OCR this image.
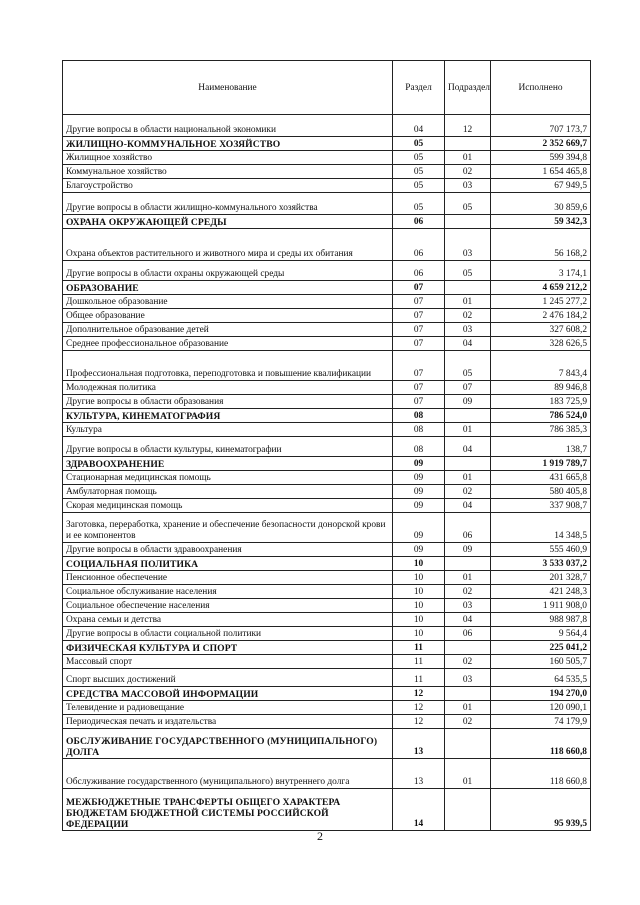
Наименование	Раздел	Подраздел	Исполнено
Другие вопросы в области национальной экономики	04	12	707 173,7
ЖИЛИЩНО-КОММУНАЛЬНОЕ ХОЗЯЙСТВО	05		2 352 669,7
Жилищное хозяйство	05	01	599 394,8
Коммунальное хозяйство	05	02	1 654 465,8
Благоустройство	05	03	67 949,5
Другие вопросы в области жилищно-коммунального хозяйства	05	05	30 859,6
ОХРАНА ОКРУЖАЮЩЕЙ СРЕДЫ	06		59 342,3
Охрана объектов растительного и животного мира и среды их обитания	06	03	56 168,2
Другие вопросы в области охраны окружающей среды	06	05	3 174,1
ОБРАЗОВАНИЕ	07		4 659 212,2
Дошкольное образование	07	01	1 245 277,2
Общее образование	07	02	2 476 184,2
Дополнительное образование детей	07	03	327 608,2
Среднее профессиональное образование	07	04	328 626,5
Профессиональная подготовка, переподготовка и повышение квалификации	07	05	7 843,4
Молодежная политика	07	07	89 946,8
Другие вопросы в области образования	07	09	183 725,9
КУЛЬТУРА, КИНЕМАТОГРАФИЯ	08		786 524,0
Культура	08	01	786 385,3
Другие вопросы в области культуры, кинематографии	08	04	138,7
ЗДРАВООХРАНЕНИЕ	09		1 919 789,7
Стационарная медицинская помощь	09	01	431 665,8
Амбулаторная помощь	09	02	580 405,8
Скорая медицинская помощь	09	04	337 908,7
Заготовка, переработка, хранение и обеспечение безопасности донорской крови и ее компонентов	09	06	14 348,5
Другие вопросы в области здравоохранения	09	09	555 460,9
СОЦИАЛЬНАЯ ПОЛИТИКА	10		3 533 037,2
Пенсионное обеспечение	10	01	201 328,7
Социальное обслуживание населения	10	02	421 248,3
Социальное обеспечение населения	10	03	1 911 908,0
Охрана семьи и детства	10	04	988 987,8
Другие вопросы в области социальной политики	10	06	9 564,4
ФИЗИЧЕСКАЯ КУЛЬТУРА И СПОРТ	11		225 041,2
Массовый спорт	11	02	160 505,7
Спорт высших достижений	11	03	64 535,5
СРЕДСТВА МАССОВОЙ ИНФОРМАЦИИ	12		194 270,0
Телевидение и радиовещание	12	01	120 090,1
Периодическая печать и издательства	12	02	74 179,9
ОБСЛУЖИВАНИЕ ГОСУДАРСТВЕННОГО (МУНИЦИПАЛЬНОГО) ДОЛГА	13		118 660,8
Обслуживание государственного (муниципального) внутреннего долга	13	01	118 660,8
МЕЖБЮДЖЕТНЫЕ ТРАНСФЕРТЫ ОБЩЕГО ХАРАКТЕРА БЮДЖЕТАМ БЮДЖЕТНОЙ СИСТЕМЫ РОССИЙСКОЙ ФЕДЕРАЦИИ	14		95 939,5
2
